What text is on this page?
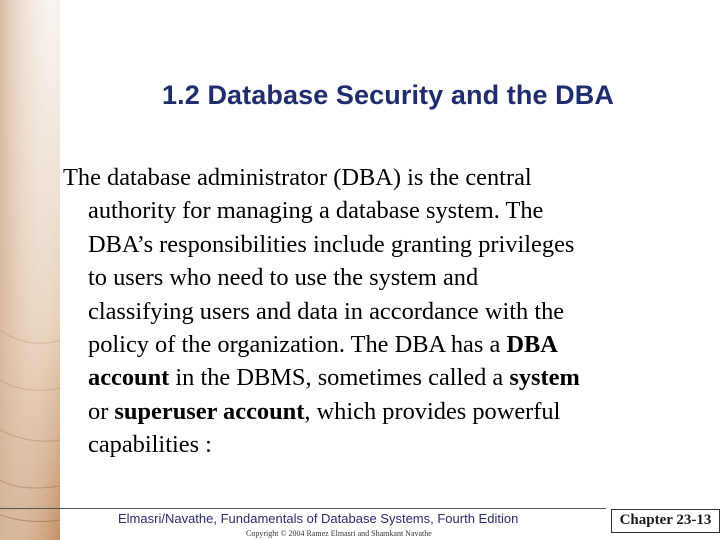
1.2 Database Security and the DBA
The database administrator (DBA) is the central
authority for managing a database system. The
DBA’s responsibilities include granting privileges
to users who need to use the system and
classifying users and data in accordance with the
policy of the organization. The DBA has a DBA
account in the DBMS, sometimes called a system
or superuser account, which provides powerful
capabilities :
Elmasri/Navathe, Fundamentals of Database Systems, Fourth Edition	Chapter 23-13
Copyright © 2004 Ramez Elmasri and Shamkant Navathe
